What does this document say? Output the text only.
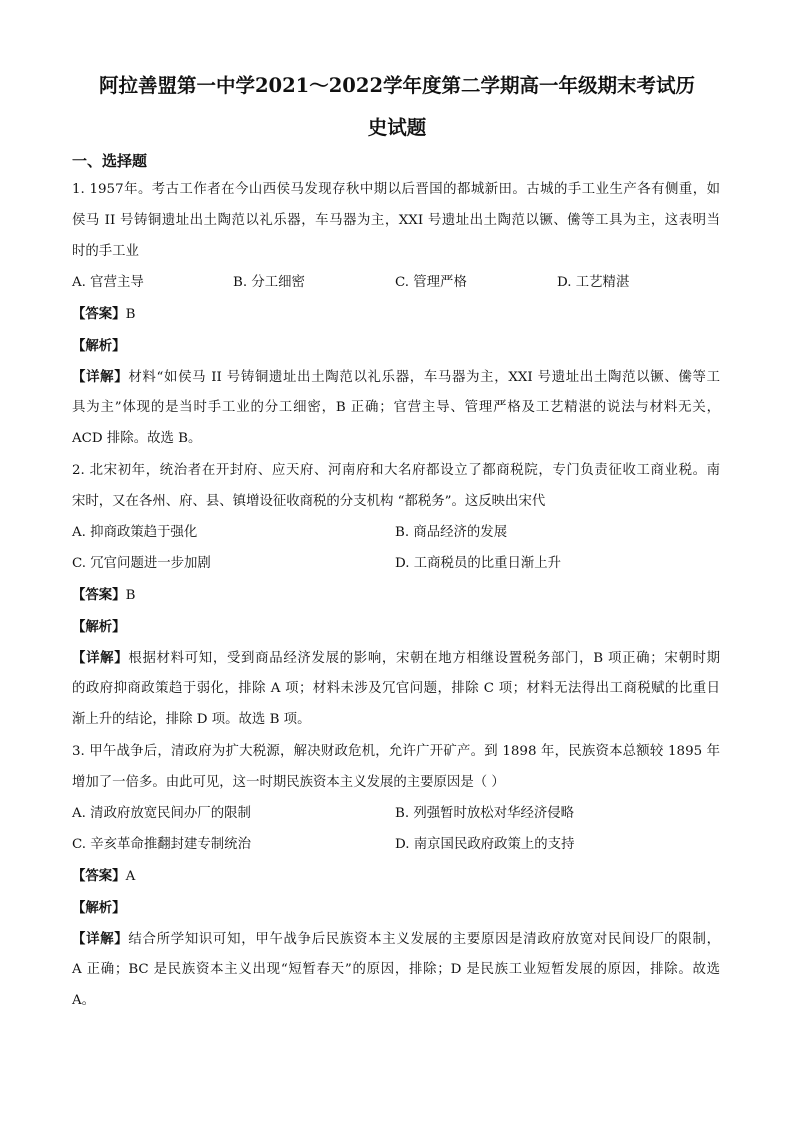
阿拉善盟第一中学2021～2022学年度第二学期高一年级期末考试历
史试题
一、选择题
1. 1957年。考古工作者在今山西侯马发现存秋中期以后晋国的都城新田。古城的手工业生产各有侧重，如
侯马 II 号铸铜遗址出土陶范以礼乐器，车马器为主，XXI 号遗址出土陶范以镢、儯等工具为主，这表明当
时的手工业
A. 官营主导	B. 分工细密	C. 管理严格	D. 工艺精湛
【答案】B
【解析】
【详解】材料“如侯马 II 号铸铜遗址出土陶范以礼乐器，车马器为主，XXI 号遗址出土陶范以镢、儯等工
具为主”体现的是当时手工业的分工细密，B 正确；官营主导、管理严格及工艺精湛的说法与材料无关，
ACD 排除。故选 B。
2. 北宋初年，统治者在开封府、应天府、河南府和大名府都设立了都商税院，专门负责征收工商业税。南
宋时，又在各州、府、县、镇增设征收商税的分支机构 “都税务”。这反映出宋代
A. 抑商政策趋于强化	B. 商品经济的发展
C. 冗官问题进一步加剧	D. 工商税员的比重日渐上升
【答案】B
【解析】
【详解】根据材料可知，受到商品经济发展的影响，宋朝在地方相继设置税务部门，B 项正确；宋朝时期
的政府抑商政策趋于弱化，排除 A 项；材料未涉及冗官问题，排除 C 项；材料无法得出工商税赋的比重日
渐上升的结论，排除 D 项。故选 B 项。
3. 甲午战争后，清政府为扩大税源，解决财政危机，允许广开矿产。到 1898 年，民族资本总额较 1895 年
增加了一倍多。由此可见，这一时期民族资本主义发展的主要原因是（ ）
A. 清政府放宽民间办厂的限制	B. 列强暂时放松对华经济侵略
C. 辛亥革命推翻封建专制统治	D. 南京国民政府政策上的支持
【答案】A
【解析】
【详解】结合所学知识可知，甲午战争后民族资本主义发展的主要原因是清政府放宽对民间设厂的限制，
A 正确；BC 是民族资本主义出现“短暂春天”的原因，排除；D 是民族工业短暂发展的原因，排除。故选
A。
